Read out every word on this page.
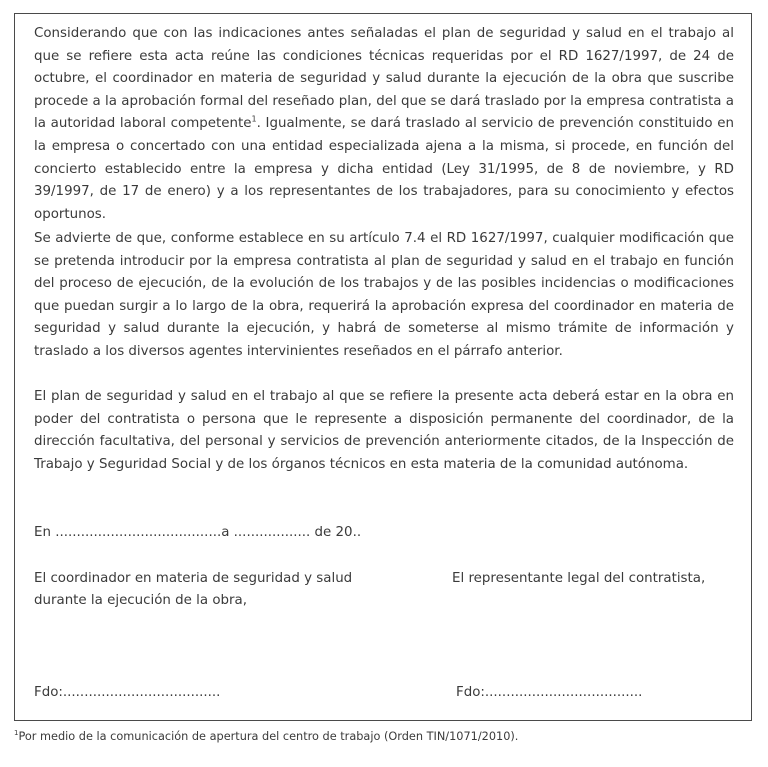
Considerando que con las indicaciones antes señaladas el plan de seguridad y salud en el trabajo al que se refiere esta acta reúne las condiciones técnicas requeridas por el RD 1627/1997, de 24 de octubre, el coordinador en materia de seguridad y salud durante la ejecución de la obra que suscribe procede a la aprobación formal del reseñado plan, del que se dará traslado por la empresa contratista a la autoridad laboral competente$^1$. Igualmente, se dará traslado al servicio de prevención constituido en la empresa o concertado con una entidad especializada ajena a la misma, si procede, en función del concierto establecido entre la empresa y dicha entidad (Ley 31/1995, de 8 de noviembre, y RD 39/1997, de 17 de enero) y a los representantes de los trabajadores, para su conocimiento y efectos oportunos.

Se advierte de que, conforme establece en su artículo 7.4 el RD 1627/1997, cualquier modificación que se pretenda introducir por la empresa contratista al plan de seguridad y salud en el trabajo en función del proceso de ejecución, de la evolución de los trabajos y de las posibles incidencias o modificaciones que puedan surgir a lo largo de la obra, requerirá la aprobación expresa del coordinador en materia de seguridad y salud durante la ejecución, y habrá de someterse al mismo trámite de información y traslado a los diversos agentes intervinientes reseñados en el párrafo anterior.

El plan de seguridad y salud en el trabajo al que se refiere la presente acta deberá estar en la obra en poder del contratista o persona que le represente a disposición permanente del coordinador, de la dirección facultativa, del personal y servicios de prevención anteriormente citados, de la Inspección de Trabajo y Seguridad Social y de los órganos técnicos en esta materia de la comunidad autónoma.

En .......................................a .................. de 20..
El coordinador en materia de seguridad y salud durante la ejecución de la obra,
El representante legal del contratista,
Fdo:.....................................	Fdo:.....................................
$^1$Por medio de la comunicación de apertura del centro de trabajo (Orden TIN/1071/2010).
